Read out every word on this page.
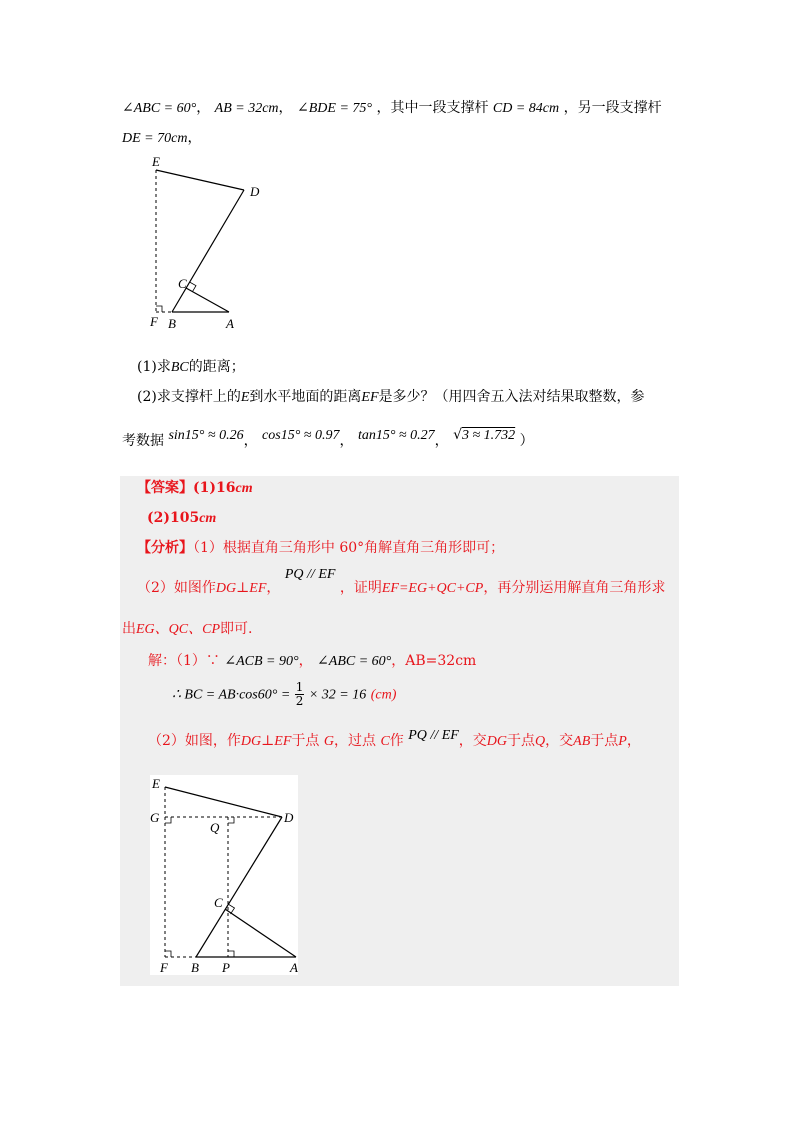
∠ABC = 60°， AB = 32cm， ∠BDE = 75° ，其中一段支撑杆 CD = 84cm ，另一段支撑杆
DE = 70cm，
E
D
C
F B	A
(1)求BC的距离；
(2)求支撑杆上的E到水平地面的距离EF是多少？（用四舍五入法对结果取整数，参
考数据 sin15° ≈ 0.26， cos15° ≈ 0.97， tan15° ≈ 0.27， √3 ≈ 1.732 ）
【答案】(1)16cm
(2)105cm
【分析】（1）根据直角三角形中 60°角解直角三角形即可；
（2）如图作DG⊥EF， PQ // EF ，证明EF=EG+QC+CP，再分别运用解直角三角形求
出EG、QC、CP即可.
解：（1）∵ ∠ACB = 90°， ∠ABC = 60°，AB=32cm
∴ BC = $AB\cdot\cos 60^\circ = \frac{1}{2} \times 32 = 16$ (cm)
（2）如图，作DG⊥EF于点 G，过点 C作 PQ // EF，交DG于点Q，交AB于点P，
E
G
Q
D
C
F B P	A
